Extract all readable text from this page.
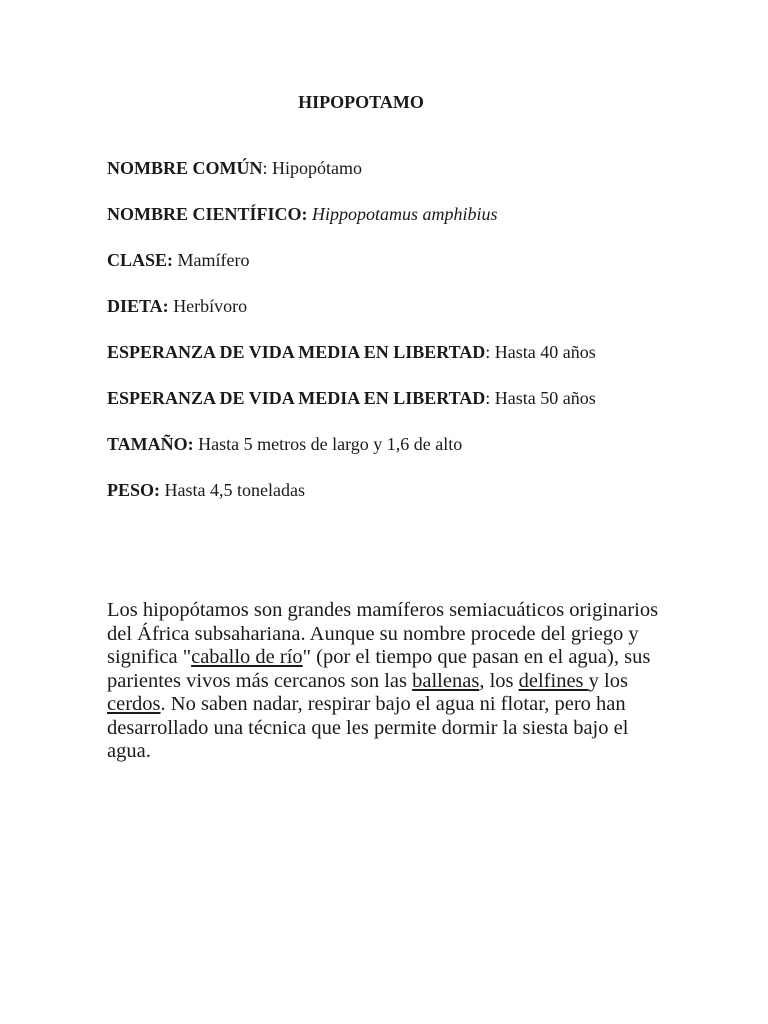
HIPOPOTAMO
NOMBRE COMÚN: Hipopótamo
NOMBRE CIENTÍFICO: Hippopotamus amphibius
CLASE: Mamífero
DIETA: Herbívoro
ESPERANZA DE VIDA MEDIA EN LIBERTAD: Hasta 40 años
ESPERANZA DE VIDA MEDIA EN LIBERTAD: Hasta 50 años
TAMAÑO: Hasta 5 metros de largo y 1,6 de alto
PESO: Hasta 4,5 toneladas
Los hipopótamos son grandes mamíferos semiacuáticos originarios del África subsahariana. Aunque su nombre procede del griego y significa "caballo de río" (por el tiempo que pasan en el agua), sus parientes vivos más cercanos son las ballenas, los delfines y los cerdos. No saben nadar, respirar bajo el agua ni flotar, pero han desarrollado una técnica que les permite dormir la siesta bajo el agua.
